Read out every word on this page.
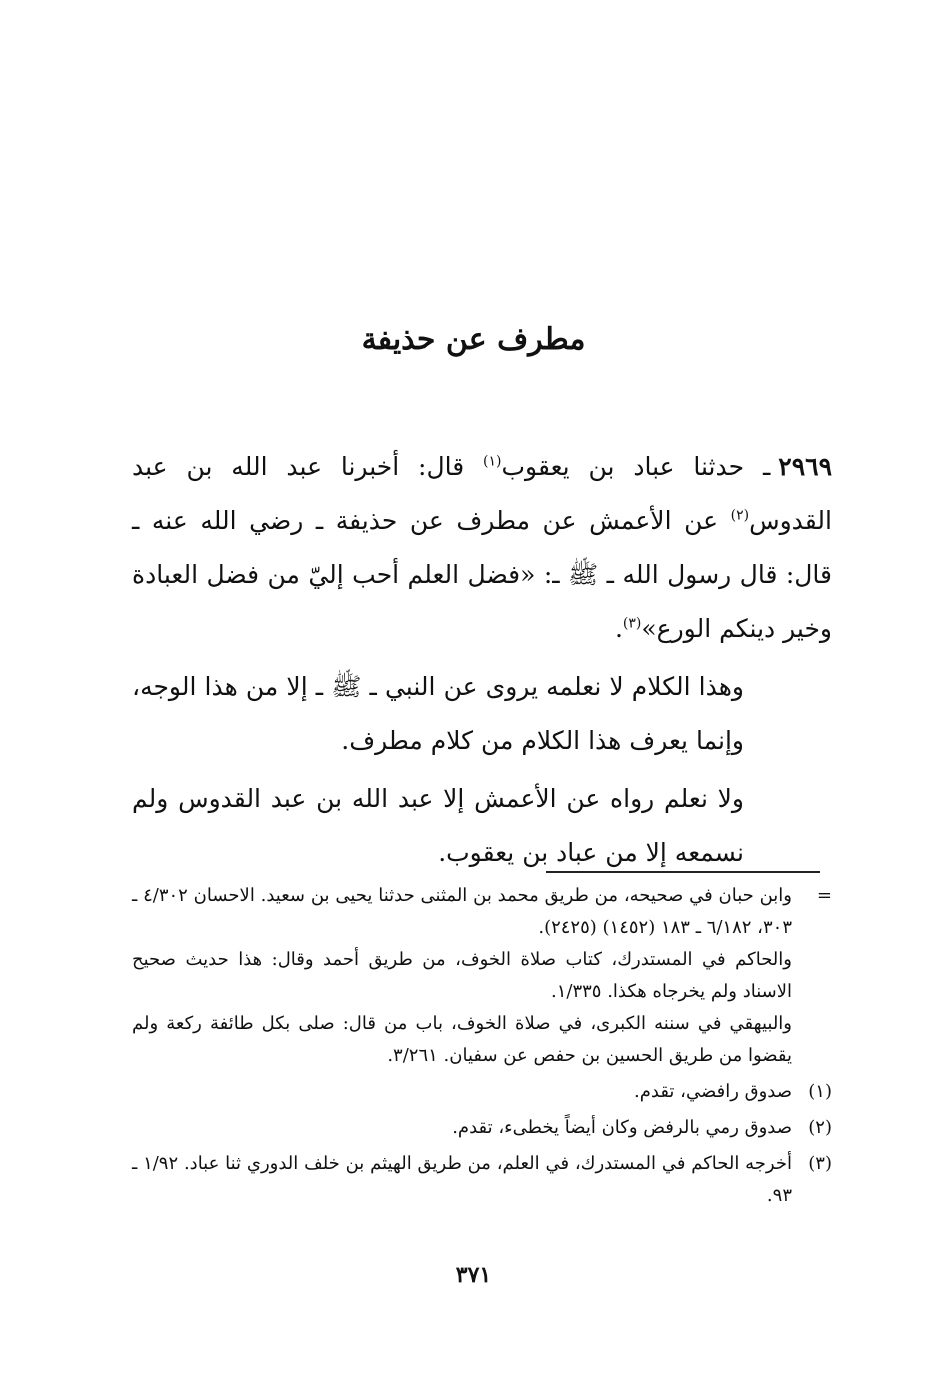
مطرف عن حذيفة

٢٩٦٩ـ حدثنا عباد بن يعقوب$^{(١)}$ قال: أخبرنا عبد الله بن عبد القدوس$^{(٢)}$ عن الأعمش عن مطرف عن حذيفة ـ رضي الله عنه ـ قال: قال رسول الله ـ ﷺ ـ: «فضل العلم أحب إليّ من فضل العبادة وخير دينكم الورع»$^{(٣)}$.

وهذا الكلام لا نعلمه يروى عن النبي ـ ﷺ ـ إلا من هذا الوجه، وإنما يعرف هذا الكلام من كلام مطرف.

ولا نعلم رواه عن الأعمش إلا عبد الله بن عبد القدوس ولم نسمعه إلا من عباد بن يعقوب.

=
وابن حبان في صحيحه، من طريق محمد بن المثنى حدثنا يحيى بن سعيد. الاحسان ٤/٣٠٢ ـ ٣٠٣، ٦/١٨٢ ـ ١٨٣ (١٤٥٢) (٢٤٢٥).
والحاكم في المستدرك، كتاب صلاة الخوف، من طريق أحمد وقال: هذا حديث صحيح الاسناد ولم يخرجاه هكذا. ١/٣٣٥.
والبيهقي في سننه الكبرى، في صلاة الخوف، باب من قال: صلى بكل طائفة ركعة ولم يقضوا من طريق الحسين بن حفص عن سفيان. ٣/٢٦١.
(١)
صدوق رافضي، تقدم.
(٢)
صدوق رمي بالرفض وكان أيضاً يخطىء، تقدم.
(٣)
أخرجه الحاكم في المستدرك، في العلم، من طريق الهيثم بن خلف الدوري ثنا عباد. ١/٩٢ ـ ٩٣.
٣٧١
